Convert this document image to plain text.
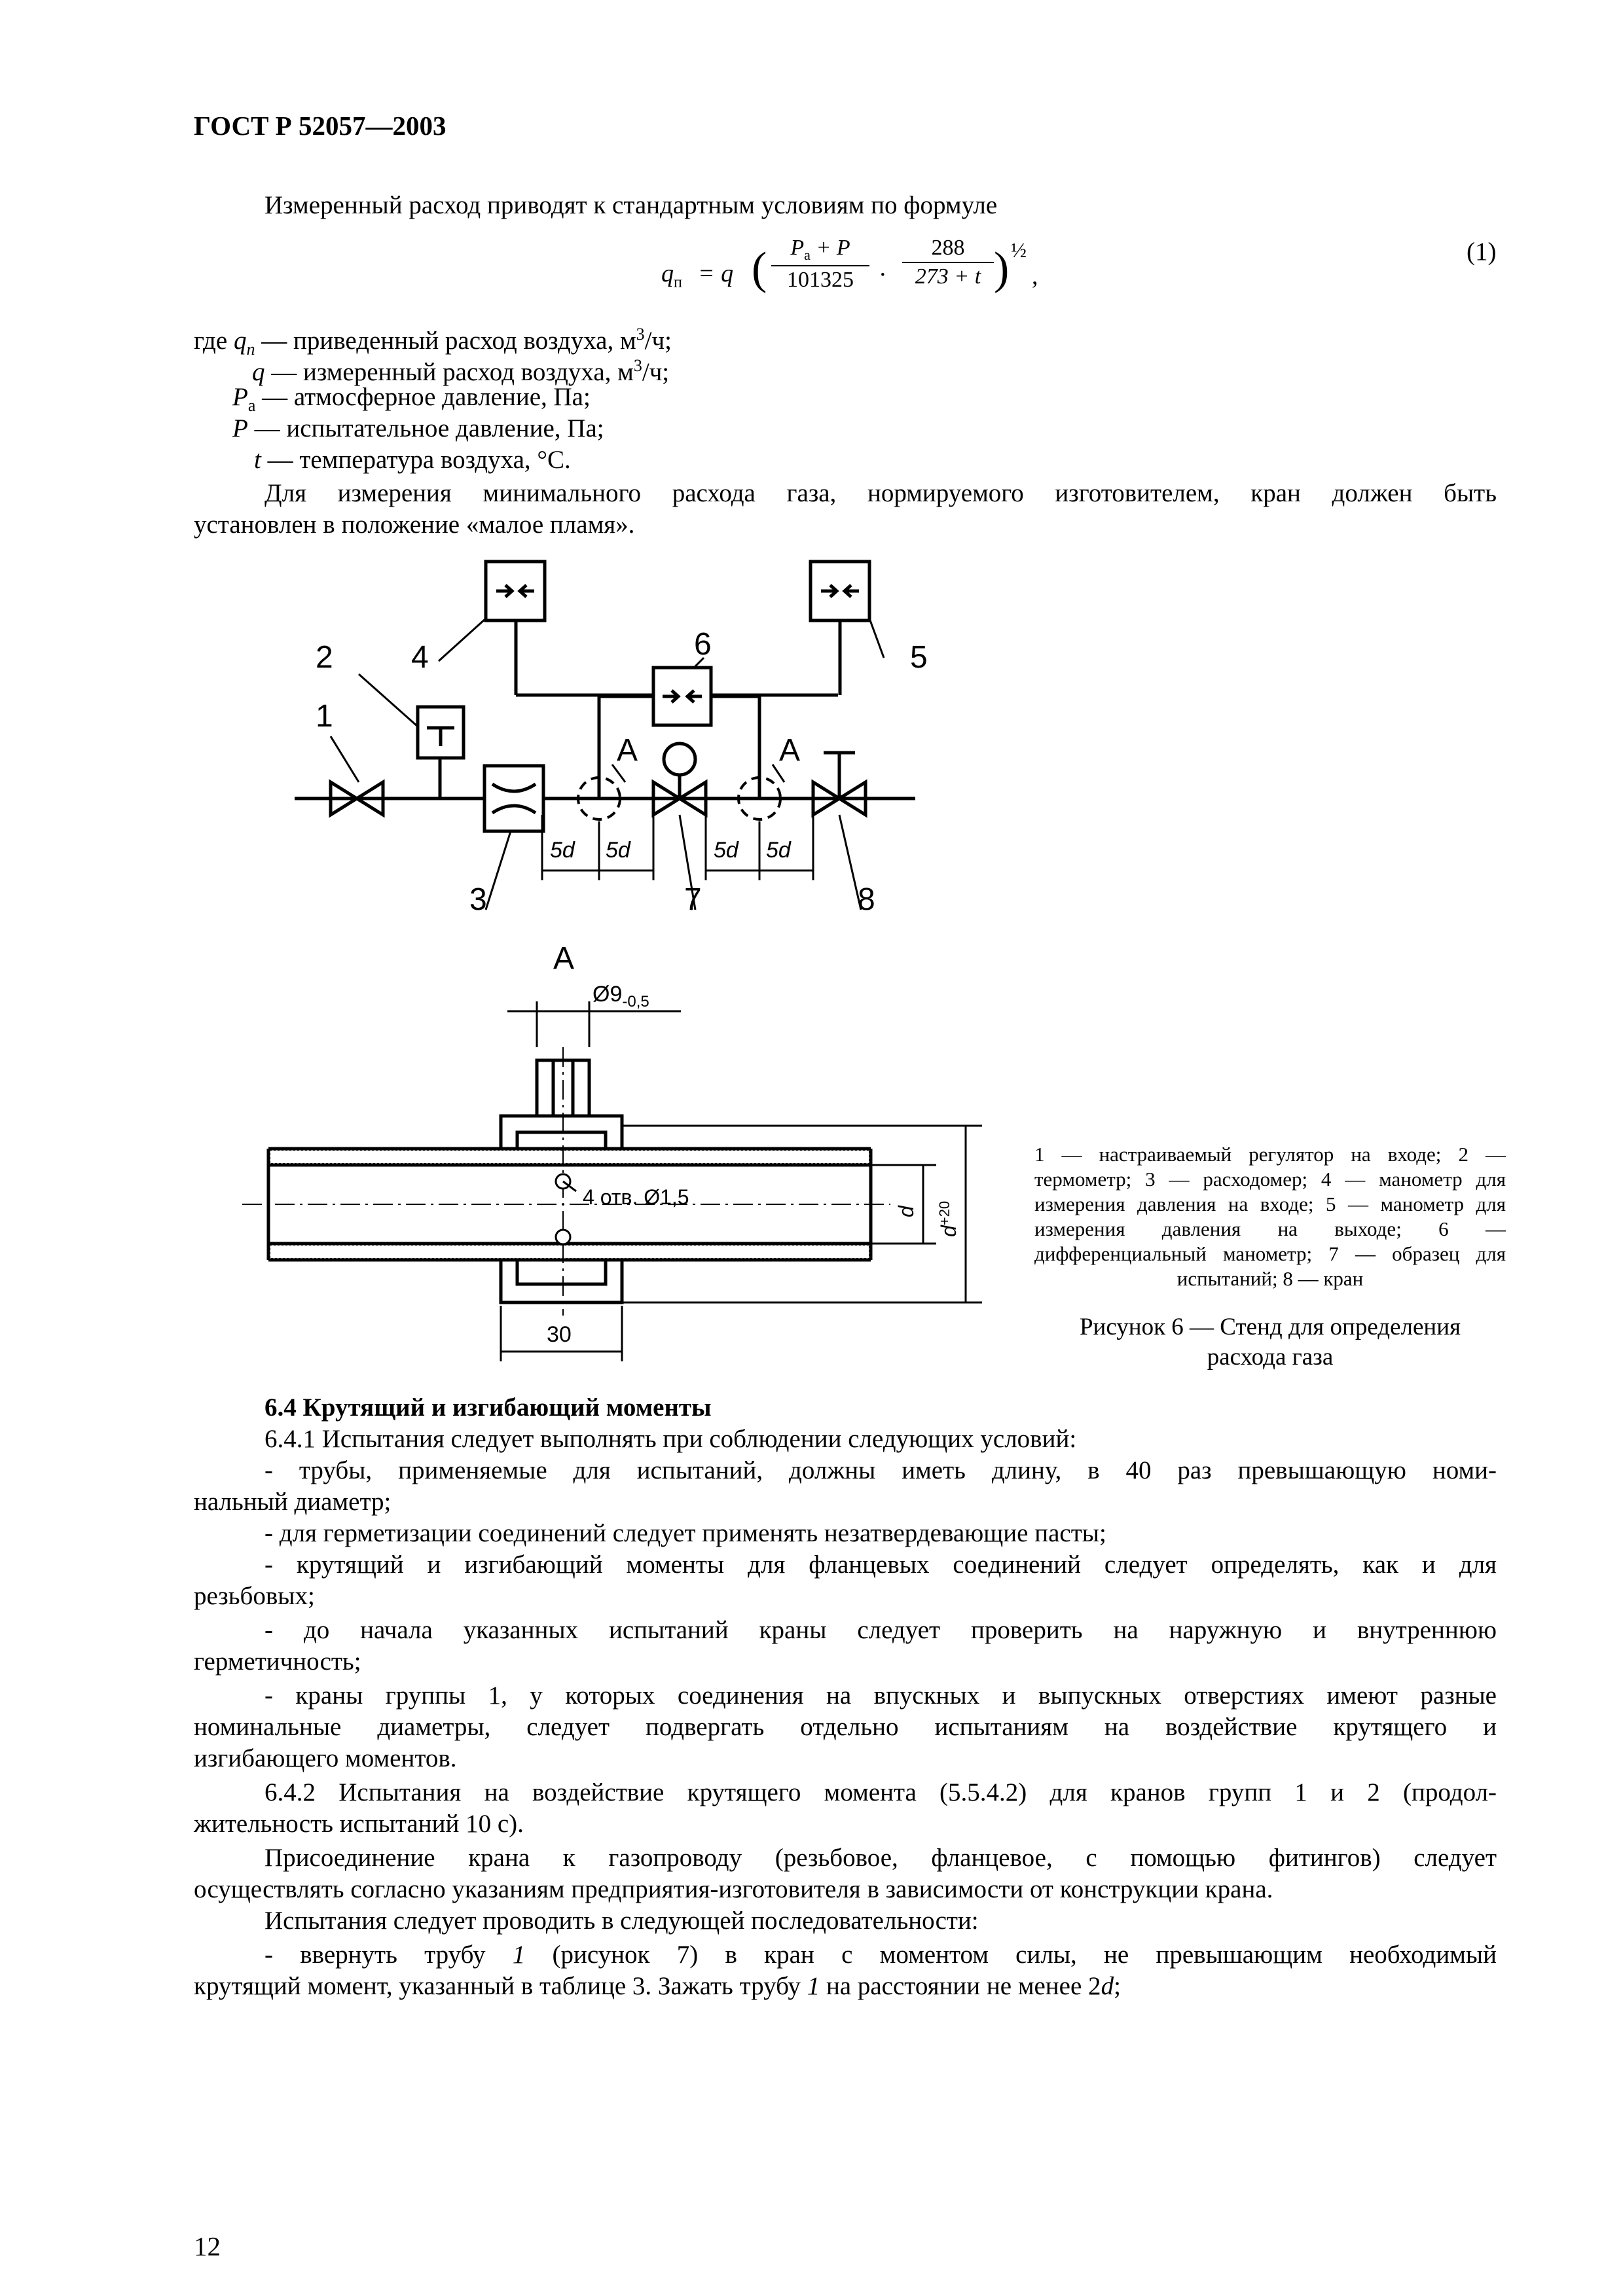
ГОСТ Р 52057—2003
Измеренный расход приводят к стандартным условиям по формуле
$q_п = q$ (	$P_а + P$
101325	·
288
273 + t ) ½
,
(1)
где $q_п$ — приведенный расход воздуха, $м^3/ч$;
q — измеренный расход воздуха, $м^3/ч$;
$P_а$ — атмосферное давление, Па;
P — испытательное давление, Па;
t — температура воздуха, °С.
Для измерения минимального расхода газа, нормируемого изготовителем, кран должен быть
установлен в положение «малое пламя».
1
2
3
4	5
6
7	8
А	А
5d 5d	5d 5d
А
$Ø9_{-0,5}$
4 отв. Ø1,5
d
$d^{+20}$
30
1 — настраиваемый регулятор на входе; 2 — термометр; 3 — расходомер; 4 — манометр для измерения давления на входе; 5 — манометр для измерения давления на выходе; 6 — дифференциальный манометр; 7 — образец для испытаний; 8 — кран
Рисунок 6 — Стенд для определения
расхода газа
6.4 Крутящий и изгибающий моменты
6.4.1 Испытания следует выполнять при соблюдении следующих условий:
- трубы, применяемые для испытаний, должны иметь длину, в 40 раз превышающую номи-
нальный диаметр;
- для герметизации соединений следует применять незатвердевающие пасты;
- крутящий и изгибающий моменты для фланцевых соединений следует определять, как и для
резьбовых;
- до начала указанных испытаний краны следует проверить на наружную и внутреннюю
герметичность;
- краны группы 1, у которых соединения на впускных и выпускных отверстиях имеют разные
номинальные диаметры, следует подвергать отдельно испытаниям на воздействие крутящего и
изгибающего моментов.
6.4.2 Испытания на воздействие крутящего момента (5.5.4.2) для кранов групп 1 и 2 (продол-
жительность испытаний 10 с).
Присоединение крана к газопроводу (резьбовое, фланцевое, с помощью фитингов) следует
осуществлять согласно указаниям предприятия-изготовителя в зависимости от конструкции крана.
Испытания следует проводить в следующей последовательности:
- ввернуть трубу 1 (рисунок 7) в кран с моментом силы, не превышающим необходимый
крутящий момент, указанный в таблице 3. Зажать трубу 1 на расстоянии не менее 2d;
12
